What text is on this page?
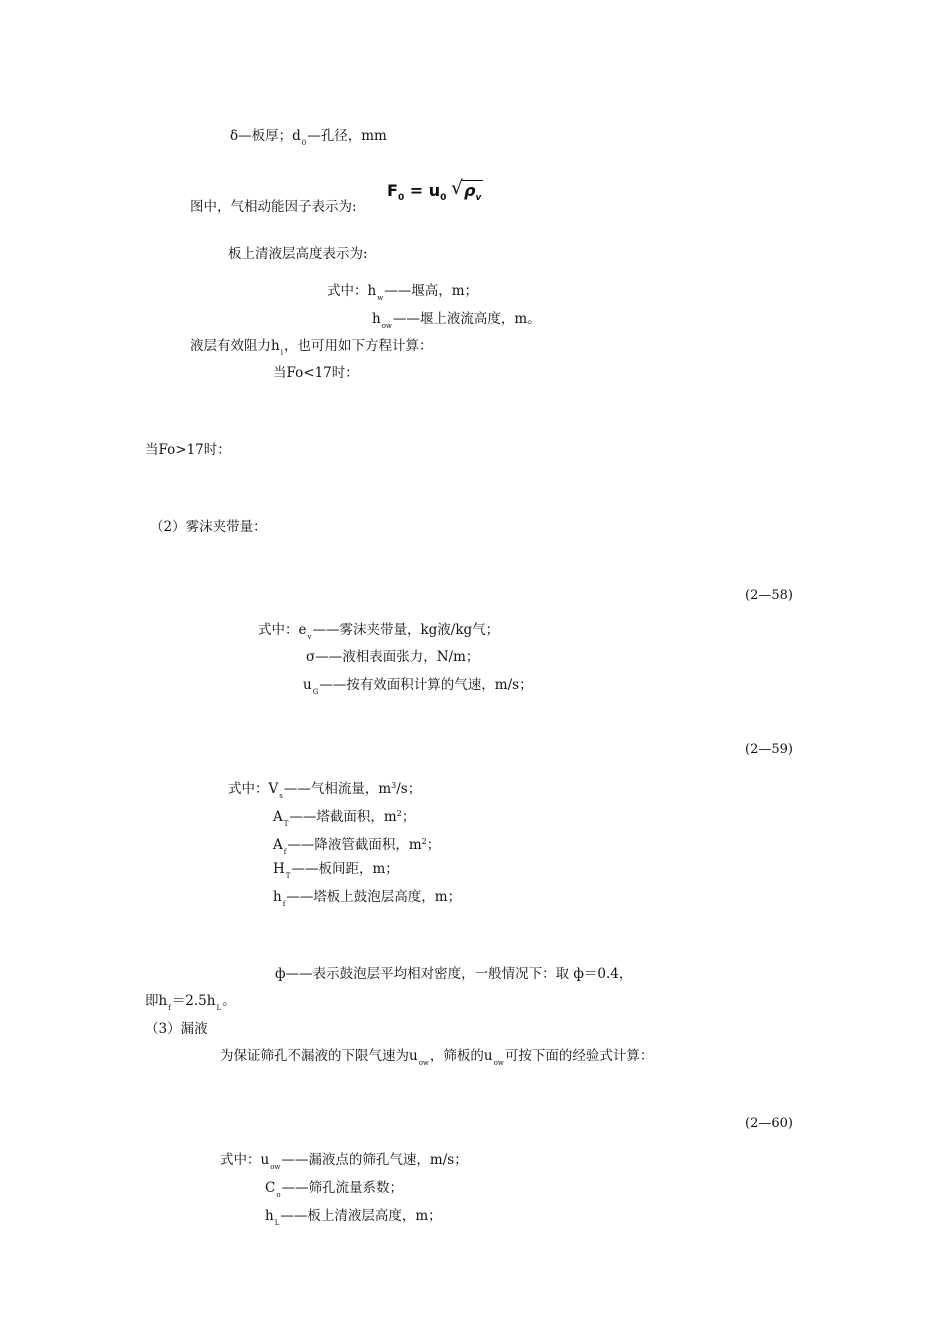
δ—板厚；$d_0—$孔径，mm
图中，气相动能因子表示为:
$F_0 = u_0$ √ $\rho_v$
板上清液层高度表示为:
式中：$h_w——$堰高，m；
$h_{ow}——$堰上液流高度，m。
液层有效阻力$h_l$，也可用如下方程计算：
当Fo<17时：
当Fo>17时：
（2）雾沫夹带量：
(2—58)
式中：$e_v——$雾沫夹带量，kg液/kg气；
σ——液相表面张力，N/m；
$u_G——$按有效面积计算的气速，m/s；
(2—59)
式中：$V_s——$气相流量，$m^3/s$；
$A_T——$塔截面积，$m^2$；
$A_f——$降液管截面积，$m^2$；
$H_T——$板间距，m；
$h_f——$塔板上鼓泡层高度，m；
ф——表示鼓泡层平均相对密度，一般情况下：取 ф＝0.4，
即$h_f=2.5h_L$。
（3）漏液
为保证筛孔不漏液的下限气速为$u_{ow}$，筛板的$u_{ow}$可按下面的经验式计算：
(2—60)
式中：$u_{ow}——$漏液点的筛孔气速，m/s；
$C_o——$筛孔流量系数；
$h_L——$板上清液层高度，m；
